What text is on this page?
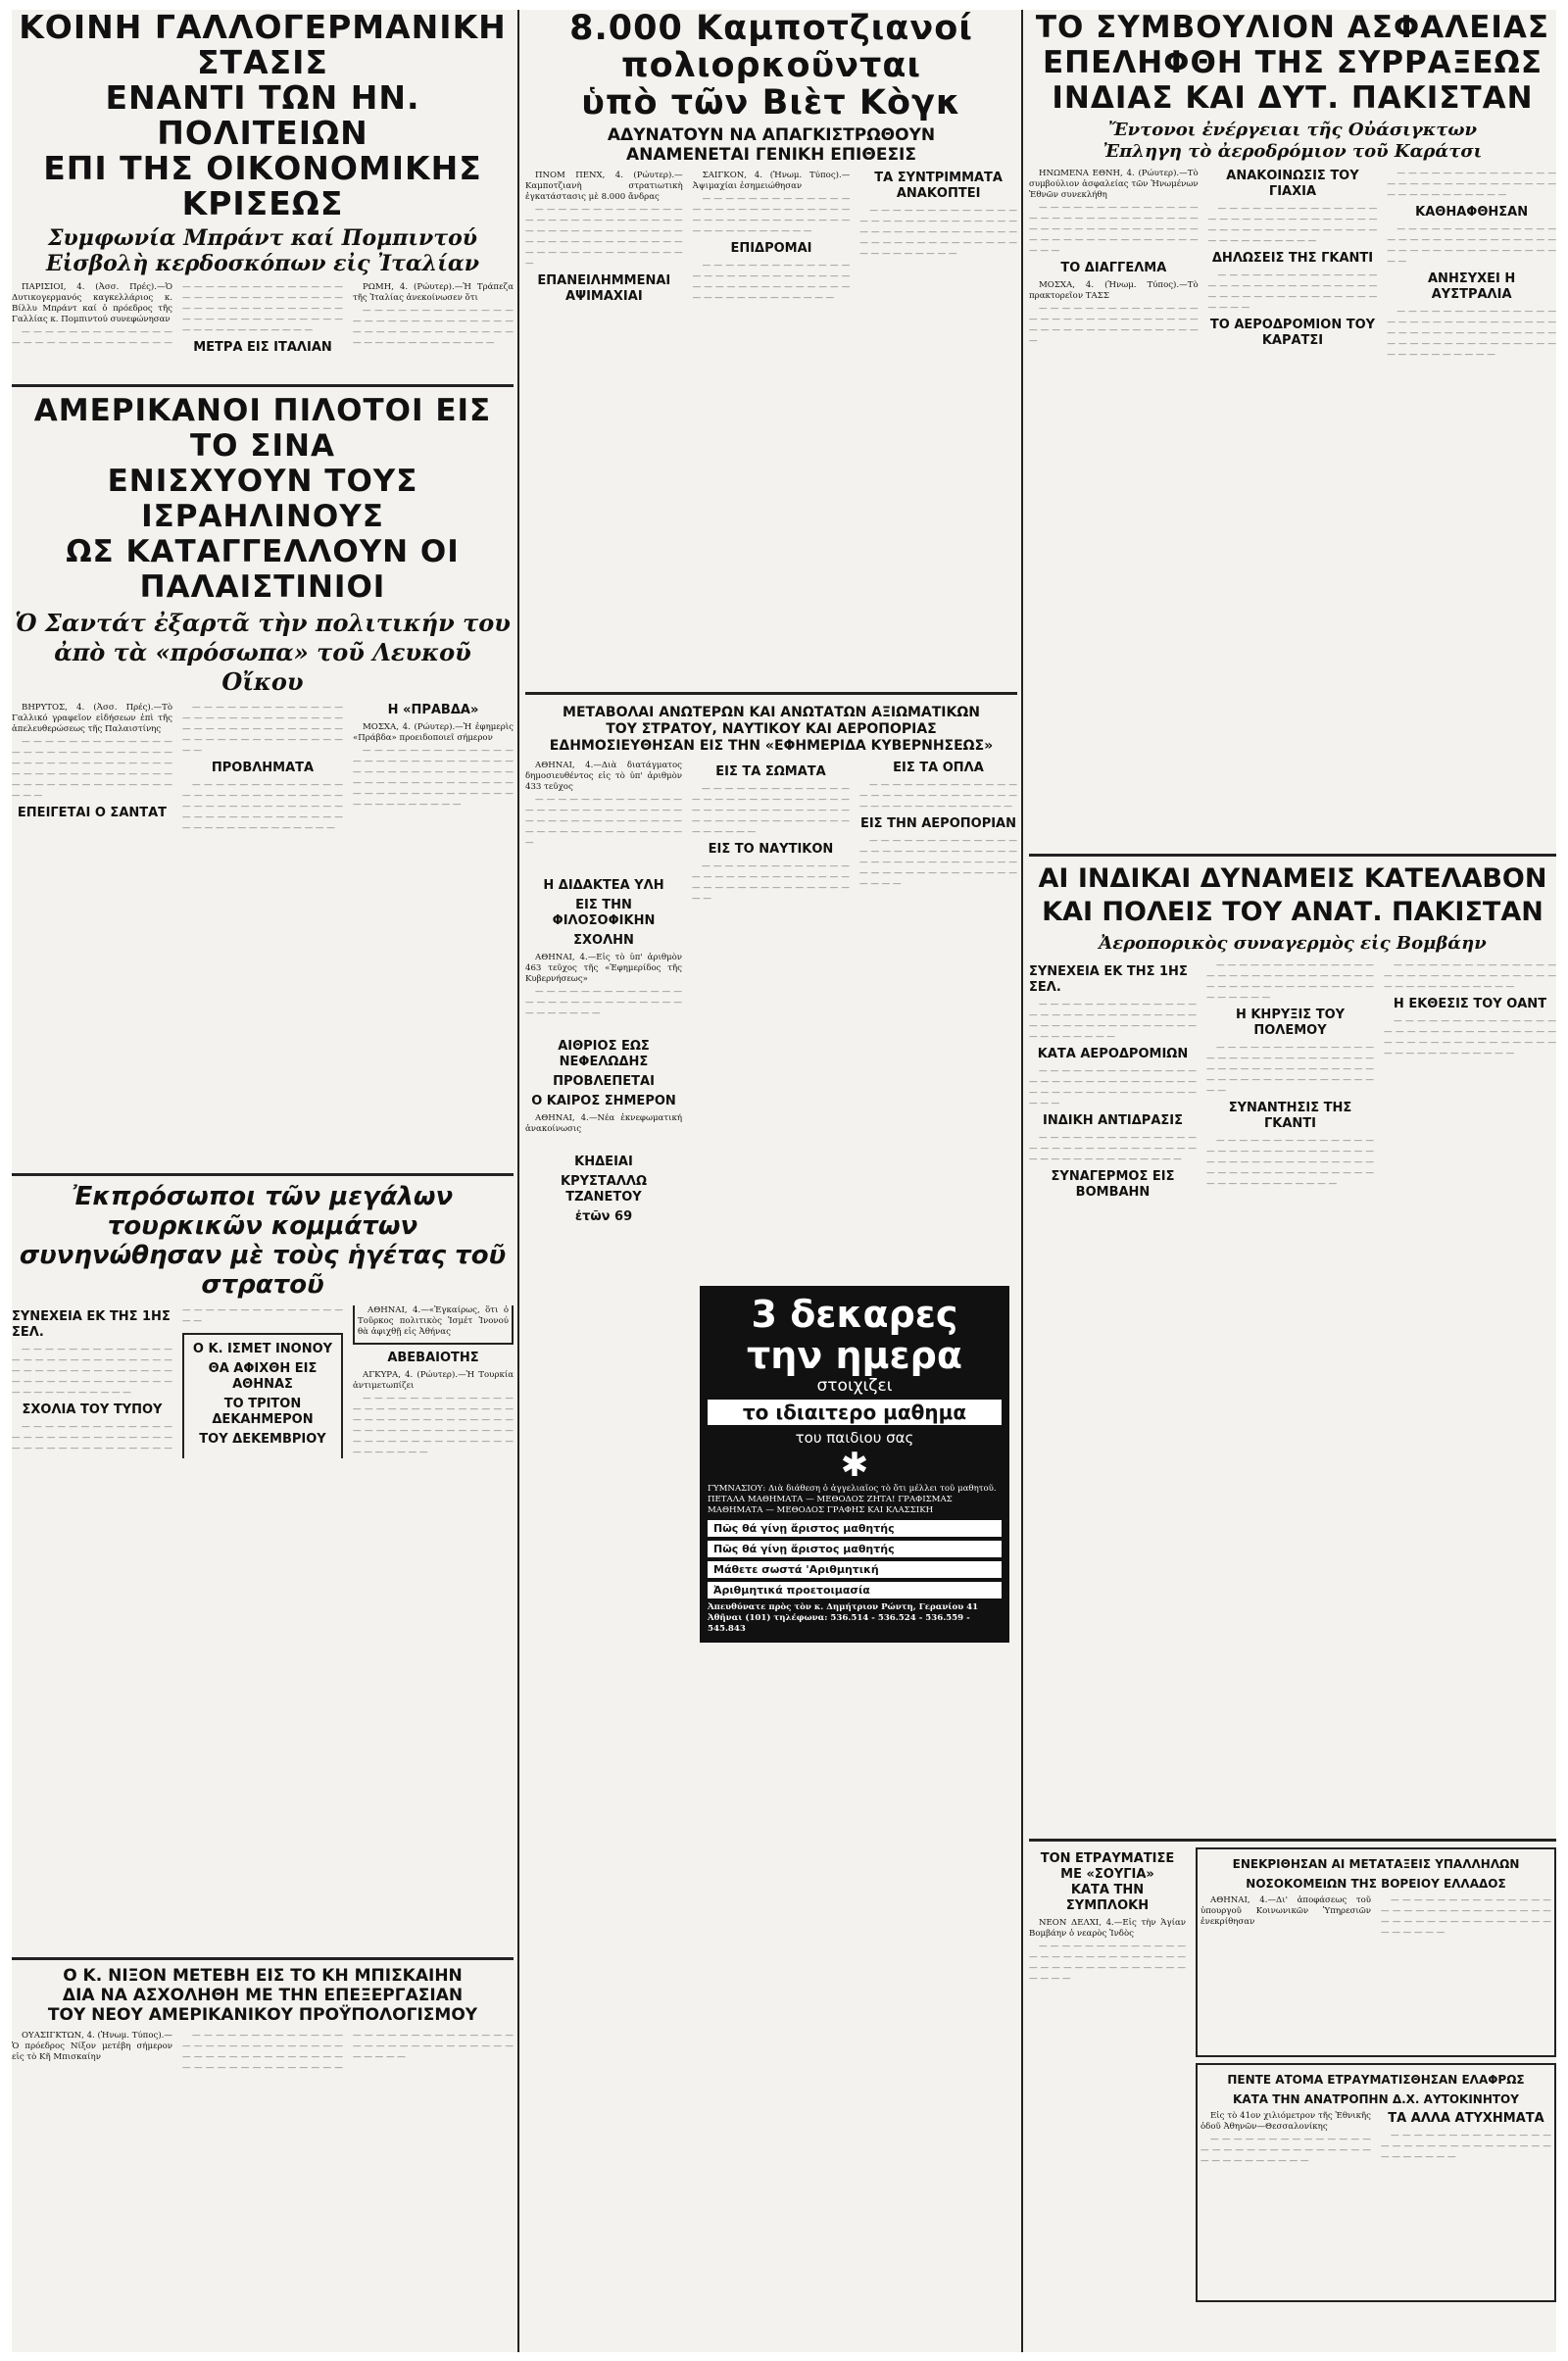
ΚΟΙΝΗ ΓΑΛΛΟΓΕΡΜΑΝΙΚΗ ΣΤΑΣΙΣ
ΕΝΑΝΤΙ ΤΩΝ ΗΝ. ΠΟΛΙΤΕΙΩΝ
ΕΠΙ ΤΗΣ ΟΙΚΟΝΟΜΙΚΗΣ ΚΡΙΣΕΩΣ
Συμφωνία Μπράντ καί Πομπιντού
Εἰσβολὴ κερδοσκόπων εἰς Ἰταλίαν

ΠΑΡΙΣΙΟΙ, 4. (Ἀσσ. Πρές).—Ὁ Δυτικογερμανός καγκελλάριος κ. Βίλλυ Μπράντ καί ὁ πρόεδρος τῆς Γαλλίας κ. Πομπιντού συνεφώνησαν

— — — — — — — — — — — — — — — — — — — — — — — — — — — — — — — — — — — — — — — — — — — — — — — — — — — — — — — — — — — — — — — — — — — — — — — — — — — — — — — — — — — — — — — — — — — — — — —

ΜΕΤΡΑ ΕΙΣ ΙΤΑΛΙΑΝ

ΡΩΜΗ, 4. (Ρώυτερ).—Ἡ Τράπεζα τῆς Ἰταλίας ἀνεκοίνωσεν ὅτι

— — — — — — — — — — — — — — — — — — — — — — — — — — — — — — — — — — — — — — — — — — — — — — — — — — — — — —

ΑΜΕΡΙΚΑΝΟΙ ΠΙΛΟΤΟΙ ΕΙΣ ΤΟ ΣΙΝΑ
ΕΝΙΣΧΥΟΥΝ ΤΟΥΣ ΙΣΡΑΗΛΙΝΟΥΣ
ΩΣ ΚΑΤΑΓΓΕΛΛΟΥΝ ΟΙ ΠΑΛΑΙΣΤΙΝΙΟΙ
Ὁ Σαντάτ ἐξαρτᾶ τὴν πολιτικήν του
ἀπὸ τὰ «πρόσωπα» τοῦ Λευκοῦ Οἴκου

ΒΗΡΥΤΟΣ, 4. (Ἀσσ. Πρές).—Τὸ Γαλλικό γραφεῖον εἰδήσεων ἐπὶ τῆς ἀπελευθερώσεως τῆς Παλαιστίνης

— — — — — — — — — — — — — — — — — — — — — — — — — — — — — — — — — — — — — — — — — — — — — — — — — — — — — — — — — — — — — — — — — — — — — — — —

ΕΠΕΙΓΕΤΑΙ Ο ΣΑΝΤΑΤ

— — — — — — — — — — — — — — — — — — — — — — — — — — — — — — — — — — — — — — — — — — — — — — — — — — — — — — — — —

ΠΡΟΒΛΗΜΑΤΑ

— — — — — — — — — — — — — — — — — — — — — — — — — — — — — — — — — — — — — — — — — — — — — — — — — — — — — — — — — — — — — — — — — — — — —

Η «ΠΡΑΒΔΑ»

ΜΟΣΧΑ, 4. (Ρώυτερ).—Ἡ ἐφημερὶς «Πράβδα» προειδοποιεῖ σήμερον

— — — — — — — — — — — — — — — — — — — — — — — — — — — — — — — — — — — — — — — — — — — — — — — — — — — — — — — — — — — — — — — — — — — — — — — — — — — — — — —

Ἐκπρόσωποι τῶν μεγάλων τουρκικῶν κομμάτων
συνηνώθησαν μὲ τοὺς ἡγέτας τοῦ στρατοῦ
ΣΥΝΕΧΕΙΑ ΕΚ ΤΗΣ 1ΗΣ ΣΕΛ.

— — — — — — — — — — — — — — — — — — — — — — — — — — — — — — — — — — — — — — — — — — — — — — — — — — — — — — — — — — — — — — — — — —

ΣΧΟΛΙΑ ΤΟΥ ΤΥΠΟΥ

— — — — — — — — — — — — — — — — — — — — — — — — — — — — — — — — — — — — — — — — — — — — — — — — — — — — — — — — —

Ο Κ. ΙΣΜΕΤ ΙΝΟΝΟΥ
ΘΑ ΑΦΙΧΘΗ ΕΙΣ ΑΘΗΝΑΣ
ΤΟ ΤΡΙΤΟΝ ΔΕΚΑΗΜΕΡΟΝ
ΤΟΥ ΔΕΚΕΜΒΡΙΟΥ

ΑΘΗΝΑΙ, 4.—«Ἐγκαίρως, ὅτι ὁ Τοῦρκος πολιτικὸς Ἰσμέτ Ἰνονού θὰ ἀφιχθῇ εἰς Ἀθήνας

ΑΒΕΒΑΙΟΤΗΣ

ΑΓΚΥΡΑ, 4. (Ρώυτερ).—Ἡ Τουρκία ἀντιμετωπίζει

— — — — — — — — — — — — — — — — — — — — — — — — — — — — — — — — — — — — — — — — — — — — — — — — — — — — — — — — — — — — — — — — — — — — — — — — — — — —

Ο Κ. ΝΙΞΟΝ ΜΕΤΕΒΗ ΕΙΣ ΤΟ ΚΗ ΜΠΙΣΚΑΙΗΝ
ΔΙΑ ΝΑ ΑΣΧΟΛΗΘΗ ΜΕ ΤΗΝ ΕΠΕΞΕΡΓΑΣΙΑΝ
ΤΟΥ ΝΕΟΥ ΑΜΕΡΙΚΑΝΙΚΟΥ ΠΡΟΫΠΟΛΟΓΙΣΜΟΥ

ΟΥΑΣΙΓΚΤΩΝ, 4. (Ἡνωμ. Τύπος).—Ὁ πρόεδρος Νίξον μετέβη σήμερον εἰς τὸ Κῆ Μπισκαίην

— — — — — — — — — — — — — — — — — — — — — — — — — — — — — — — — — — — — — — — — — — — — — — — — — — — — — — — — — — — — — — — — — — — — — — — — — — — — — — — — — — — — — — — —

8.000 Καμποτζιανοί
πολιορκοῦνται
ὑπὸ τῶν Βιὲτ Κὸγκ
ΑΔΥΝΑΤΟΥΝ ΝΑ ΑΠΑΓΚΙΣΤΡΩΘΟΥΝ
ΑΝΑΜΕΝΕΤΑΙ ΓΕΝΙΚΗ ΕΠΙΘΕΣΙΣ

ΠΝΟΜ ΠΕΝΧ, 4. (Ρώυτερ).—Καμποτζιανὴ στρατιωτικὴ ἐγκατάστασις μὲ 8.000 ἄνδρας

— — — — — — — — — — — — — — — — — — — — — — — — — — — — — — — — — — — — — — — — — — — — — — — — — — — — — — — — — — — — — — — — — — — — — —

ΕΠΑΝΕΙΛΗΜΜΕΝΑΙ ΑΨΙΜΑΧΙΑΙ

ΣΑΪΓΚΟΝ, 4. (Ἡνωμ. Τύπος).—Ἀψιμαχίαι ἐσημειώθησαν

— — — — — — — — — — — — — — — — — — — — — — — — — — — — — — — — — — — — — — — — — — — — — — — — — — — —

ΕΠΙΔΡΟΜΑΙ

— — — — — — — — — — — — — — — — — — — — — — — — — — — — — — — — — — — — — — — — — — — — — — — — — — — — — —

ΤΑ ΣΥΝΤΡΙΜΜΑΤΑ ΑΝΑΚΟΠΤΕΙ

— — — — — — — — — — — — — — — — — — — — — — — — — — — — — — — — — — — — — — — — — — — — — — — — — — — — — — — — — — — — — — — —

ΜΕΤΑΒΟΛΑΙ ΑΝΩΤΕΡΩΝ ΚΑΙ ΑΝΩΤΑΤΩΝ ΑΞΙΩΜΑΤΙΚΩΝ
ΤΟΥ ΣΤΡΑΤΟΥ, ΝΑΥΤΙΚΟΥ ΚΑΙ ΑΕΡΟΠΟΡΙΑΣ
ΕΔΗΜΟΣΙΕΥΘΗΣΑΝ ΕΙΣ ΤΗΝ «ΕΦΗΜΕΡΙΔΑ ΚΥΒΕΡΝΗΣΕΩΣ»

ΑΘΗΝΑΙ, 4.—Διὰ διατάγματος δημοσιευθέντος εἰς τὸ ὑπ' ἀριθμὸν 433 τεῦχος

— — — — — — — — — — — — — — — — — — — — — — — — — — — — — — — — — — — — — — — — — — — — — — — — — — — — — — — —

Η ΔΙΔΑΚΤΕΑ ΥΛΗ
ΕΙΣ ΤΗΝ ΦΙΛΟΣΟΦΙΚΗΝ
ΣΧΟΛΗΝ

ΑΘΗΝΑΙ, 4.—Εἰς τὸ ὑπ' ἀριθμὸν 463 τεῦχος τῆς «Ἐφημερίδος τῆς Κυβερνήσεως»

— — — — — — — — — — — — — — — — — — — — — — — — — — — — — — — — — —

ΑΙΘΡΙΟΣ ΕΩΣ ΝΕΦΕΛΩΔΗΣ
ΠΡΟΒΛΕΠΕΤΑΙ
Ο ΚΑΙΡΟΣ ΣΗΜΕΡΟΝ

ΑΘΗΝΑΙ, 4.—Νέα ἐκνεφωματική ἀνακοίνωσις

ΚΗΔΕΙΑΙ
ΚΡΥΣΤΑΛΛΩ ΤΖΑΝΕΤΟΥ
ἐτῶν 69
ΕΙΣ ΤΑ ΣΩΜΑΤΑ

— — — — — — — — — — — — — — — — — — — — — — — — — — — — — — — — — — — — — — — — — — — — — — — — — — — — — — — — — — — — —

ΕΙΣ ΤΟ ΝΑΥΤΙΚΟΝ

— — — — — — — — — — — — — — — — — — — — — — — — — — — — — — — — — — — — — — — — — — —

ΕΙΣ ΤΑ ΟΠΛΑ

— — — — — — — — — — — — — — — — — — — — — — — — — — — — — — — — — — — — — — — — —

ΕΙΣ ΤΗΝ ΑΕΡΟΠΟΡΙΑΝ

— — — — — — — — — — — — — — — — — — — — — — — — — — — — — — — — — — — — — — — — — — — — — — — — — — — — — — — — — — —

3 δεκαρες την ημερα
στοιχιζει
το ιδιαιτερο μαθημα
του παιδιου σας
✱
ΓΥΜΝΑΣΙΟΥ: Διὰ διάθεση ὁ ἀγγελιαῖος τὸ ὅτι μέλλει τοῦ μαθητοῦ. ΠΕΤΑΛΑ ΜΑΘΗΜΑΤΑ — ΜΕΘΟΔΟΣ ΖΗΤΑ! ΓΡΑΦΙΣΜΑΣ ΜΑΘΗΜΑΤΑ — ΜΕΘΟΔΟΣ ΓΡΑΦΗΣ ΚΑΙ ΚΛΑΣΣΙΚΗ
Πῶς θά γίνῃ ἄριστος μαθητής
Πῶς θά γίνῃ ἄριστος μαθητής
Μάθετε σωστά 'Αριθμητική
Ἀριθμητικά προετοιμασία
Ἀπευθύνατε πρὸς τὸν κ. Δημήτριον Ρώντη, Γερανίου 41 Ἀθῆναι (101) τηλέφωνα: 536.514 - 536.524 - 536.559 - 545.843
ΤΟ ΣΥΜΒΟΥΛΙΟΝ ΑΣΦΑΛΕΙΑΣ
ΕΠΕΛΗΦΘΗ ΤΗΣ ΣΥΡΡΑΞΕΩΣ
ΙΝΔΙΑΣ ΚΑΙ ΔΥΤ. ΠΑΚΙΣΤΑΝ
Ἔντονοι ἐνέργειαι τῆς Οὐάσιγκτων
Ἐπληγη τὸ ἀεροδρόμιον τοῦ Καράτσι

ΗΝΩΜΕΝΑ ΕΘΝΗ, 4. (Ρώυτερ).—Τὸ συμβούλιον ἀσφαλείας τῶν Ἡνωμένων Ἐθνῶν συνεκλήθη

— — — — — — — — — — — — — — — — — — — — — — — — — — — — — — — — — — — — — — — — — — — — — — — — — — — — — — — — — — — — — —

ΤΟ ΔΙΑΓΓΕΛΜΑ

ΜΟΣΧΑ, 4. (Ἡνωμ. Τύπος).—Τὸ πρακτορεῖον ΤΑΣΣ

— — — — — — — — — — — — — — — — — — — — — — — — — — — — — — — — — — — — — — — — — — — — —

ΑΝΑΚΟΙΝΩΣΙΣ ΤΟΥ ΓΙΑΧΙΑ

— — — — — — — — — — — — — — — — — — — — — — — — — — — — — — — — — — — — — — — — — — — — — — — — — — — — — —

ΔΗΛΩΣΕΙΣ ΤΗΣ ΓΚΑΝΤΙ

— — — — — — — — — — — — — — — — — — — — — — — — — — — — — — — — — — — — — — — — — — — — — — — —

ΤΟ ΑΕΡΟΔΡΟΜΙΟΝ ΤΟΥ ΚΑΡΑΤΣΙ

— — — — — — — — — — — — — — — — — — — — — — — — — — — — — — — — — — — — — — — —

ΚΑΘΗΑΦΘΗΣΑΝ

— — — — — — — — — — — — — — — — — — — — — — — — — — — — — — — — — — — — — — — — — — — — — —

ΑΝΗΣΥΧΕΙ Η ΑΥΣΤΡΑΛΙΑ

— — — — — — — — — — — — — — — — — — — — — — — — — — — — — — — — — — — — — — — — — — — — — — — — — — — — — — — — — — — — — — — — — — — — —

ΑΙ ΙΝΔΙΚΑΙ ΔΥΝΑΜΕΙΣ ΚΑΤΕΛΑΒΟΝ
ΚΑΙ ΠΟΛΕΙΣ ΤΟΥ ΑΝΑΤ. ΠΑΚΙΣΤΑΝ
Ἀεροπορικὸς συναγερμὸς εἰς Βομβάην
ΣΥΝΕΧΕΙΑ ΕΚ ΤΗΣ 1ΗΣ ΣΕΛ.

— — — — — — — — — — — — — — — — — — — — — — — — — — — — — — — — — — — — — — — — — — — — — — — — — — — —

ΚΑΤΑ ΑΕΡΟΔΡΟΜΙΩΝ

— — — — — — — — — — — — — — — — — — — — — — — — — — — — — — — — — — — — — — — — — — — — — — —

ΙΝΔΙΚΗ ΑΝΤΙΔΡΑΣΙΣ

— — — — — — — — — — — — — — — — — — — — — — — — — — — — — — — — — — — — — — — — — — —

ΣΥΝΑΓΕΡΜΟΣ ΕΙΣ ΒΟΜΒΑΗΝ

— — — — — — — — — — — — — — — — — — — — — — — — — — — — — — — — — — — — — — — — — — — — — — — — — —

Η ΚΗΡΥΞΙΣ ΤΟΥ ΠΟΛΕΜΟΥ

— — — — — — — — — — — — — — — — — — — — — — — — — — — — — — — — — — — — — — — — — — — — — — — — — — — — — — — — — — — — —

ΣΥΝΑΝΤΗΣΙΣ ΤΗΣ ΓΚΑΝΤΙ

— — — — — — — — — — — — — — — — — — — — — — — — — — — — — — — — — — — — — — — — — — — — — — — — — — — — — — — — — — — — — — — — — — — — — — —

— — — — — — — — — — — — — — — — — — — — — — — — — — — — — — — — — — — — — — — — —

Η ΕΚΘΕΣΙΣ ΤΟΥ ΟΑΝΤ

— — — — — — — — — — — — — — — — — — — — — — — — — — — — — — — — — — — — — — — — — — — — — — — — — — — — — — — —

ΤΟΝ ΕΤΡΑΥΜΑΤΙΣΕ
ΜΕ «ΣΟΥΓΙΑ»
ΚΑΤΑ ΤΗΝ ΣΥΜΠΛΟΚΗ

ΝΕΟΝ ΔΕΛΧΙ, 4.—Εἰς τὴν Ἁγίαν Βομβάην ὁ νεαρὸς Ἰνδὸς

— — — — — — — — — — — — — — — — — — — — — — — — — — — — — — — — — — — — — — — — — — — — —

ΕΝΕΚΡΙΘΗΣΑΝ ΑΙ ΜΕΤΑΤΑΞΕΙΣ ΥΠΑΛΛΗΛΩΝ
ΝΟΣΟΚΟΜΕΙΩΝ ΤΗΣ ΒΟΡΕΙΟΥ ΕΛΛΑΔΟΣ

ΑΘΗΝΑΙ, 4.—Δι' ἀποφάσεως τοῦ ὑπουργοῦ Κοινωνικῶν Ὑπηρεσιῶν ἐνεκρίθησαν

— — — — — — — — — — — — — — — — — — — — — — — — — — — — — — — — — — — — — — — — — — — — — — — — — —

ΠΕΝΤΕ ΑΤΟΜΑ ΕΤΡΑΥΜΑΤΙΣΘΗΣΑΝ ΕΛΑΦΡΩΣ
ΚΑΤΑ ΤΗΝ ΑΝΑΤΡΟΠΗΝ Δ.Χ. ΑΥΤΟΚΙΝΗΤΟΥ

Εἰς τὸ 41ον χιλιόμετρον τῆς Ἐθνικῆς ὁδοῦ Ἀθηνῶν—Θεσσαλονίκης

— — — — — — — — — — — — — — — — — — — — — — — — — — — — — — — — — — — — — — —

ΤΑ ΑΛΛΑ ΑΤΥΧΗΜΑΤΑ

— — — — — — — — — — — — — — — — — — — — — — — — — — — — — — — — — — — —
